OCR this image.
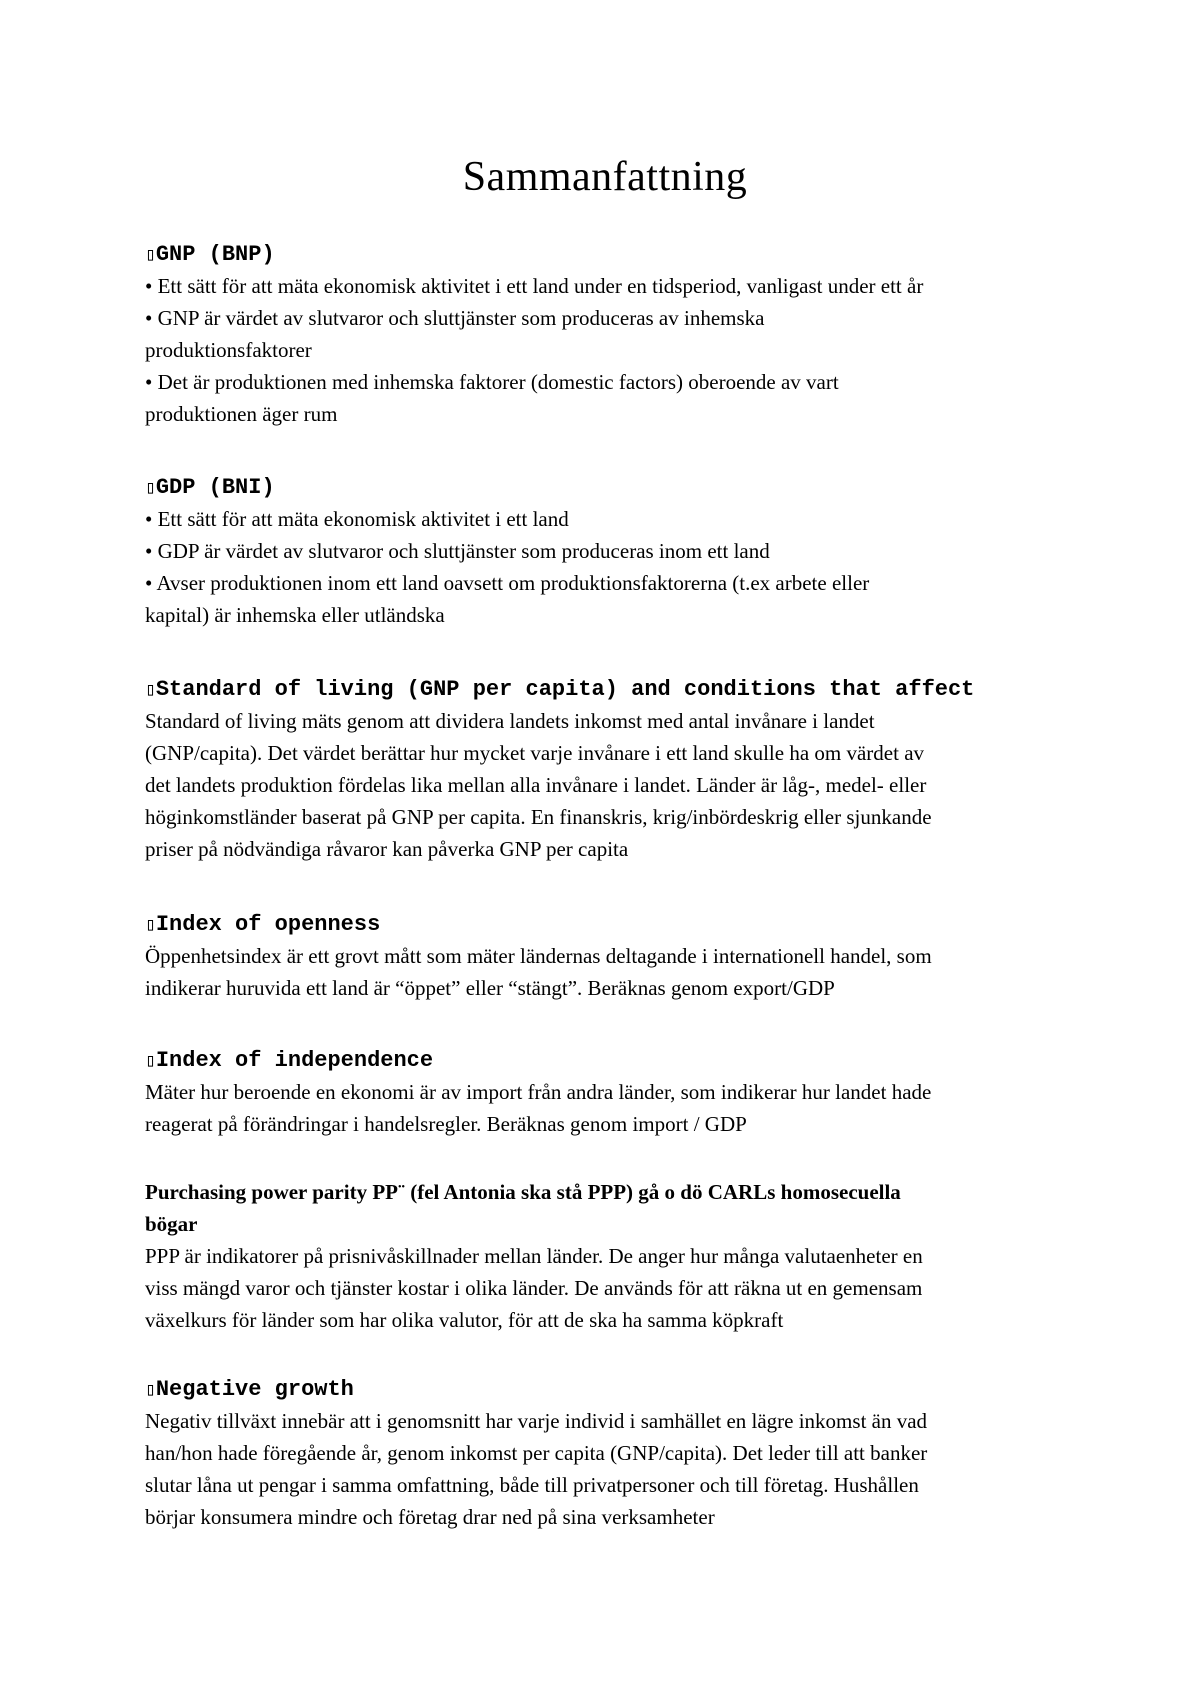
Sammanfattning

▯GNP (BNP)

• Ett sätt för att mäta ekonomisk aktivitet i ett land under en tidsperiod, vanligast under ett år

• GNP är värdet av slutvaror och sluttjänster som produceras av inhemska

produktionsfaktorer

• Det är produktionen med inhemska faktorer (domestic factors) oberoende av vart

produktionen äger rum

▯GDP (BNI)

• Ett sätt för att mäta ekonomisk aktivitet i ett land

• GDP är värdet av slutvaror och sluttjänster som produceras inom ett land

• Avser produktionen inom ett land oavsett om produktionsfaktorerna (t.ex arbete eller

kapital) är inhemska eller utländska

▯Standard of living (GNP per capita) and conditions that affect

Standard of living mäts genom att dividera landets inkomst med antal invånare i landet

(GNP/capita). Det värdet berättar hur mycket varje invånare i ett land skulle ha om värdet av

det landets produktion fördelas lika mellan alla invånare i landet. Länder är låg-, medel- eller

höginkomstländer baserat på GNP per capita. En finanskris, krig/inbördeskrig eller sjunkande

priser på nödvändiga råvaror kan påverka GNP per capita

▯Index of openness

Öppenhetsindex är ett grovt mått som mäter ländernas deltagande i internationell handel, som

indikerar huruvida ett land är “öppet” eller “stängt”. Beräknas genom export/GDP

▯Index of independence

Mäter hur beroende en ekonomi är av import från andra länder, som indikerar hur landet hade

reagerat på förändringar i handelsregler. Beräknas genom import / GDP

Purchasing power parity PP¨ (fel Antonia ska stå PPP) gå o dö CARLs homosecuella

bögar

PPP är indikatorer på prisnivåskillnader mellan länder. De anger hur många valutaenheter en

viss mängd varor och tjänster kostar i olika länder. De används för att räkna ut en gemensam

växelkurs för länder som har olika valutor, för att de ska ha samma köpkraft

▯Negative growth

Negativ tillväxt innebär att i genomsnitt har varje individ i samhället en lägre inkomst än vad

han/hon hade föregående år, genom inkomst per capita (GNP/capita). Det leder till att banker

slutar låna ut pengar i samma omfattning, både till privatpersoner och till företag. Hushållen

börjar konsumera mindre och företag drar ned på sina verksamheter
